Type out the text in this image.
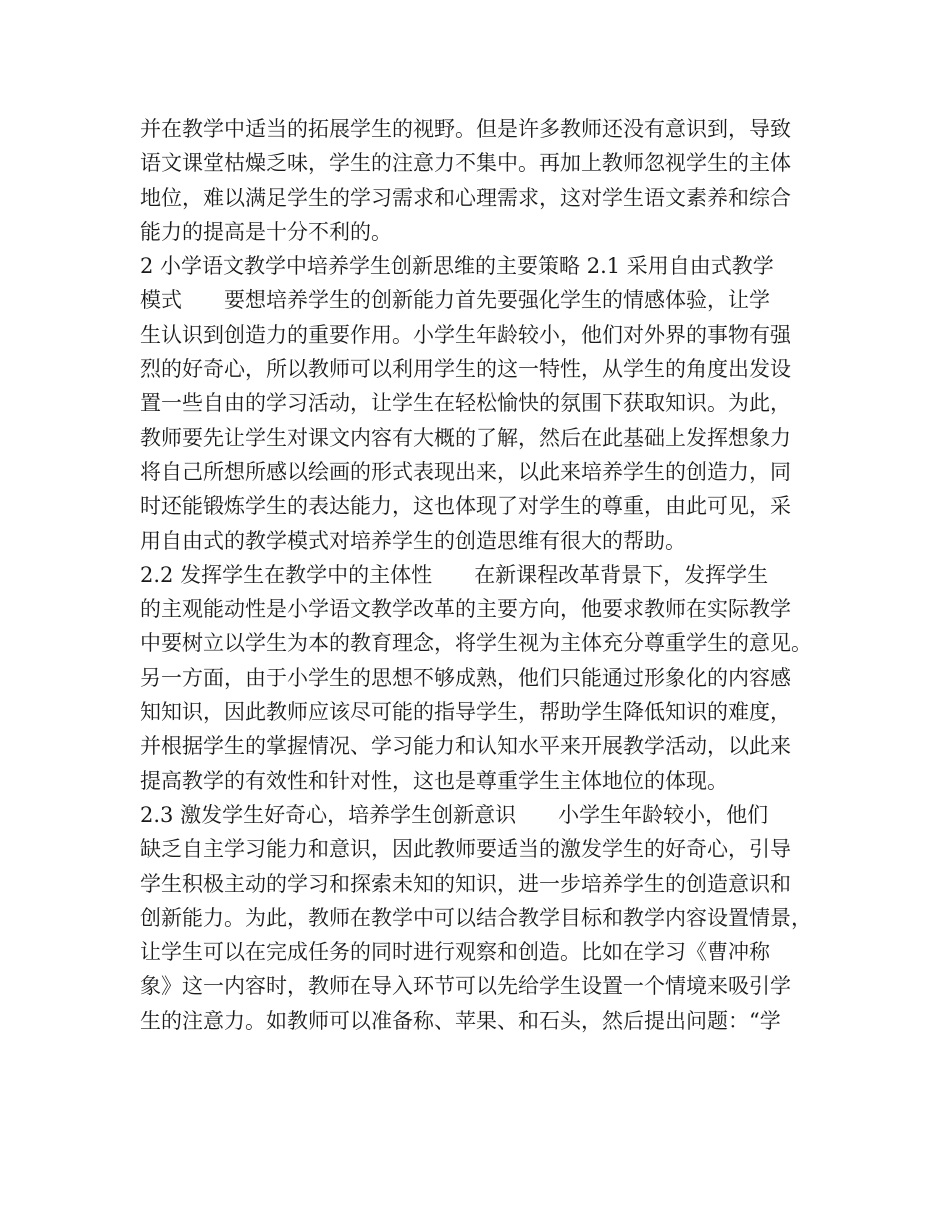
并在教学中适当的拓展学生的视野。但是许多教师还没有意识到，导致
语文课堂枯燥乏味，学生的注意力不集中。再加上教师忽视学生的主体
地位，难以满足学生的学习需求和心理需求，这对学生语文素养和综合
能力的提高是十分不利的。
2 小学语文教学中培养学生创新思维的主要策略 2.1 采用自由式教学
模式　　要想培养学生的创新能力首先要强化学生的情感体验，让学
生认识到创造力的重要作用。小学生年龄较小，他们对外界的事物有强
烈的好奇心，所以教师可以利用学生的这一特性，从学生的角度出发设
置一些自由的学习活动，让学生在轻松愉快的氛围下获取知识。为此，
教师要先让学生对课文内容有大概的了解，然后在此基础上发挥想象力
将自己所想所感以绘画的形式表现出来，以此来培养学生的创造力，同
时还能锻炼学生的表达能力，这也体现了对学生的尊重，由此可见，采
用自由式的教学模式对培养学生的创造思维有很大的帮助。
2.2 发挥学生在教学中的主体性　　在新课程改革背景下，发挥学生
的主观能动性是小学语文教学改革的主要方向，他要求教师在实际教学
中要树立以学生为本的教育理念，将学生视为主体充分尊重学生的意见。
另一方面，由于小学生的思想不够成熟，他们只能通过形象化的内容感
知知识，因此教师应该尽可能的指导学生，帮助学生降低知识的难度，
并根据学生的掌握情况、学习能力和认知水平来开展教学活动，以此来
提高教学的有效性和针对性，这也是尊重学生主体地位的体现。
2.3 激发学生好奇心，培养学生创新意识　　小学生年龄较小，他们
缺乏自主学习能力和意识，因此教师要适当的激发学生的好奇心，引导
学生积极主动的学习和探索未知的知识，进一步培养学生的创造意识和
创新能力。为此，教师在教学中可以结合教学目标和教学内容设置情景，
让学生可以在完成任务的同时进行观察和创造。比如在学习《曹冲称
象》这一内容时，教师在导入环节可以先给学生设置一个情境来吸引学
生的注意力。如教师可以准备称、苹果、和石头，然后提出问题：“学
